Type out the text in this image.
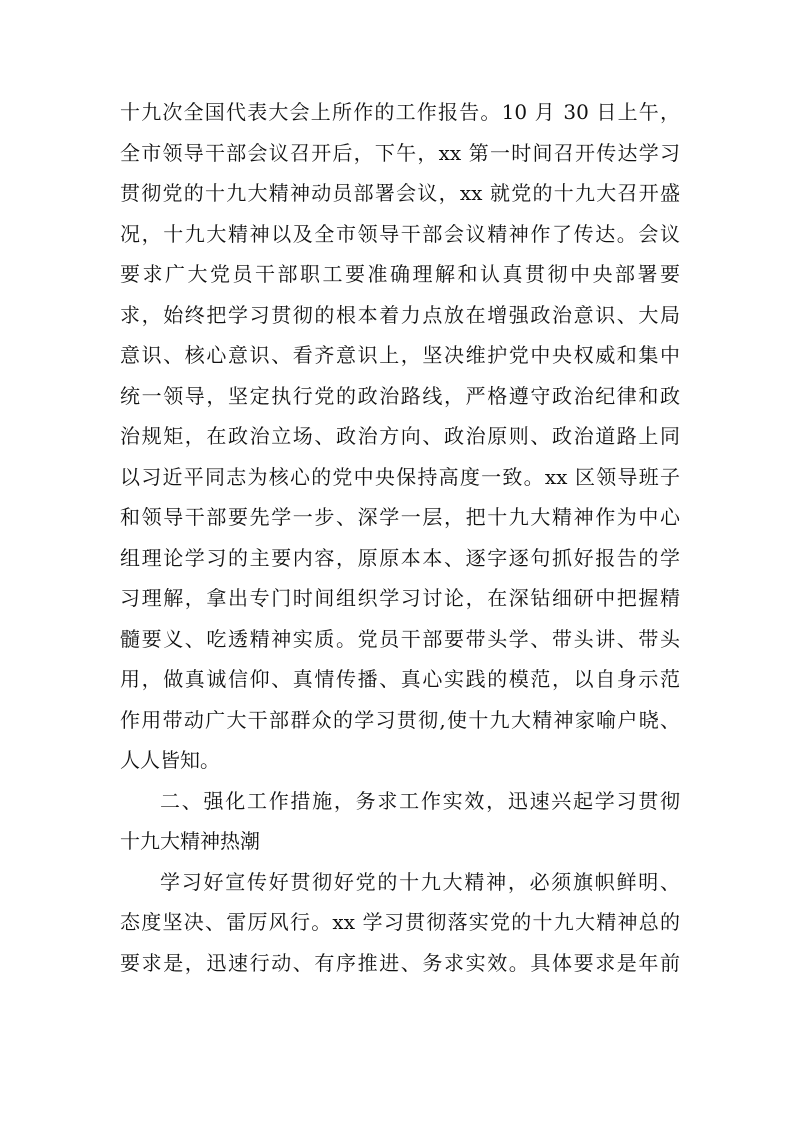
十九次全国代表大会上所作的工作报告。10 月 30 日上午，
全市领导干部会议召开后，下午，xx 第一时间召开传达学习
贯彻党的十九大精神动员部署会议，xx 就党的十九大召开盛
况，十九大精神以及全市领导干部会议精神作了传达。会议
要求广大党员干部职工要准确理解和认真贯彻中央部署要
求，始终把学习贯彻的根本着力点放在增强政治意识、大局
意识、核心意识、看齐意识上，坚决维护党中央权威和集中
统一领导，坚定执行党的政治路线，严格遵守政治纪律和政
治规矩，在政治立场、政治方向、政治原则、政治道路上同
以习近平同志为核心的党中央保持高度一致。xx 区领导班子
和领导干部要先学一步、深学一层，把十九大精神作为中心
组理论学习的主要内容，原原本本、逐字逐句抓好报告的学
习理解，拿出专门时间组织学习讨论，在深钻细研中把握精
髓要义、吃透精神实质。党员干部要带头学、带头讲、带头
用，做真诚信仰、真情传播、真心实践的模范，以自身示范
作用带动广大干部群众的学习贯彻,使十九大精神家喻户晓、
人人皆知。
二、强化工作措施，务求工作实效，迅速兴起学习贯彻
十九大精神热潮
学习好宣传好贯彻好党的十九大精神，必须旗帜鲜明、
态度坚决、雷厉风行。xx 学习贯彻落实党的十九大精神总的
要求是，迅速行动、有序推进、务求实效。具体要求是年前
